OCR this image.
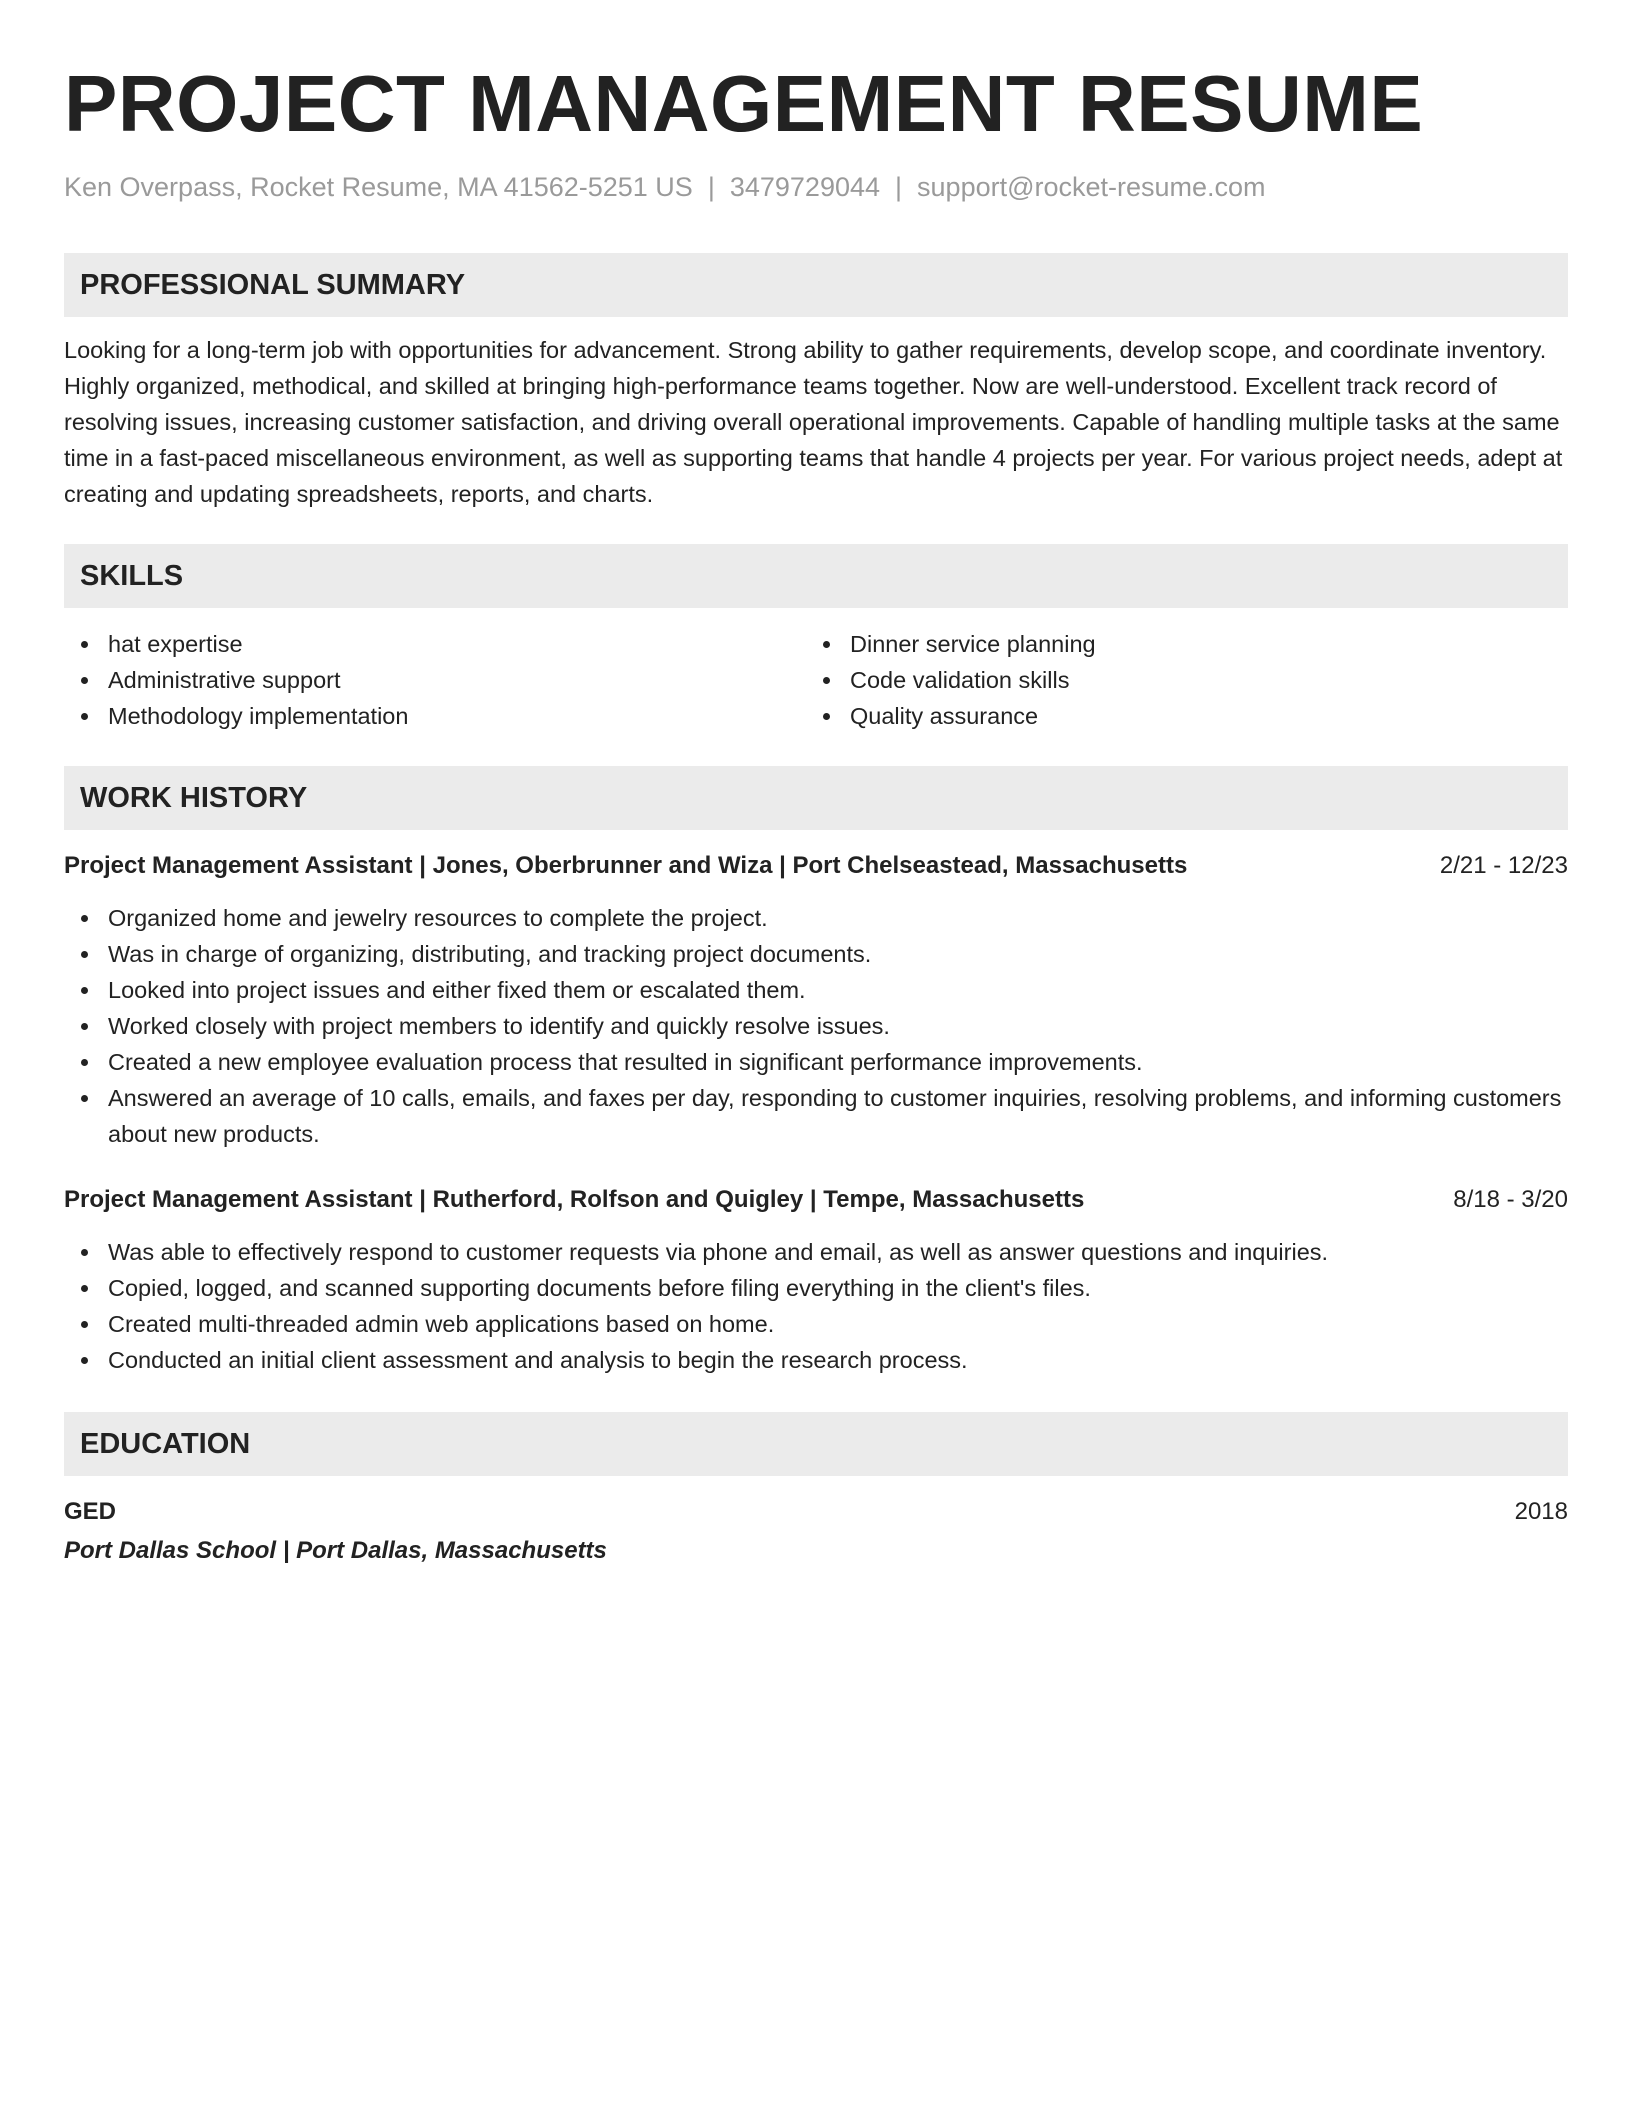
PROJECT MANAGEMENT RESUME
Ken Overpass, Rocket Resume, MA 41562-5251 US | 3479729044 | support@rocket-resume.com
PROFESSIONAL SUMMARY

Looking for a long-term job with opportunities for advancement. Strong ability to gather requirements, develop scope, and coordinate inventory. Highly organized, methodical, and skilled at bringing high-performance teams together. Now are well-understood. Excellent track record of resolving issues, increasing customer satisfaction, and driving overall operational improvements. Capable of handling multiple tasks at the same time in a fast-paced miscellaneous environment, as well as supporting teams that handle 4 projects per year. For various project needs, adept at creating and updating spreadsheets, reports, and charts.

SKILLS
hat expertise
Administrative support
Methodology implementation
Dinner service planning
Code validation skills
Quality assurance
WORK HISTORY
Project Management Assistant | Jones, Oberbrunner and Wiza | Port Chelseastead, Massachusetts	2/21 - 12/23
Organized home and jewelry resources to complete the project.
Was in charge of organizing, distributing, and tracking project documents.
Looked into project issues and either fixed them or escalated them.
Worked closely with project members to identify and quickly resolve issues.
Created a new employee evaluation process that resulted in significant performance improvements.
Answered an average of 10 calls, emails, and faxes per day, responding to customer inquiries, resolving problems, and informing customers about new products.
Project Management Assistant | Rutherford, Rolfson and Quigley | Tempe, Massachusetts	8/18 - 3/20
Was able to effectively respond to customer requests via phone and email, as well as answer questions and inquiries.
Copied, logged, and scanned supporting documents before filing everything in the client's files.
Created multi-threaded admin web applications based on home.
Conducted an initial client assessment and analysis to begin the research process.
EDUCATION
GED	2018
Port Dallas School | Port Dallas, Massachusetts
